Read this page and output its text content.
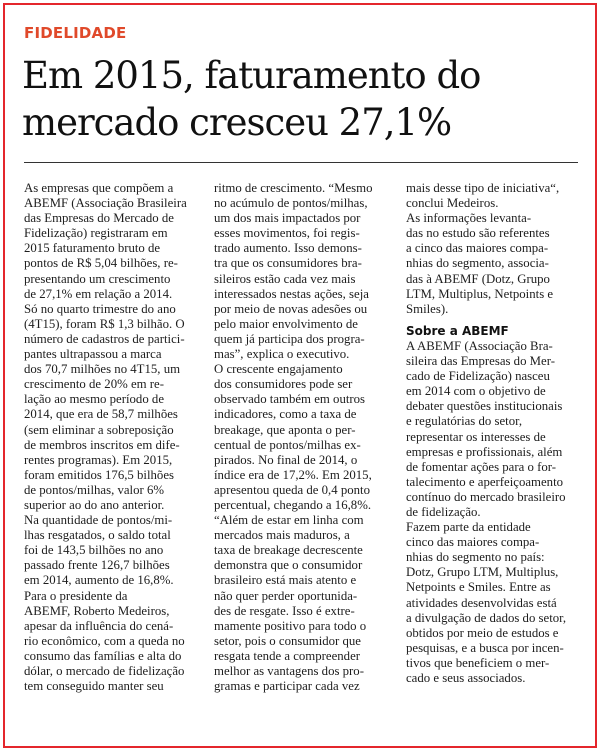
FIDELIDADE
Em 2015, faturamento do
mercado cresceu 27,1%
As empresas que compõem a
ABEMF (Associação Brasileira
das Empresas do Mercado de
Fidelização) registraram em
2015 faturamento bruto de
pontos de R$ 5,04 bilhões, re-
presentando um crescimento
de 27,1% em relação a 2014.
Só no quarto trimestre do ano
(4T15), foram R$ 1,3 bilhão. O
número de cadastros de partici-
pantes ultrapassou a marca
dos 70,7 milhões no 4T15, um
crescimento de 20% em re-
lação ao mesmo período de
2014, que era de 58,7 milhões
(sem eliminar a sobreposição
de membros inscritos em dife-
rentes programas). Em 2015,
foram emitidos 176,5 bilhões
de pontos/milhas, valor 6%
superior ao do ano anterior.
Na quantidade de pontos/mi-
lhas resgatados, o saldo total
foi de 143,5 bilhões no ano
passado frente 126,7 bilhões
em 2014, aumento de 16,8%.
Para o presidente da
ABEMF, Roberto Medeiros,
apesar da influência do cená-
rio econômico, com a queda no
consumo das famílias e alta do
dólar, o mercado de fidelização
tem conseguido manter seu
ritmo de crescimento. “Mesmo
no acúmulo de pontos/milhas,
um dos mais impactados por
esses movimentos, foi regis-
trado aumento. Isso demons-
tra que os consumidores bra-
sileiros estão cada vez mais
interessados nestas ações, seja
por meio de novas adesões ou
pelo maior envolvimento de
quem já participa dos progra-
mas”, explica o executivo.
O crescente engajamento
dos consumidores pode ser
observado também em outros
indicadores, como a taxa de
breakage, que aponta o per-
centual de pontos/milhas ex-
pirados. No final de 2014, o
índice era de 17,2%. Em 2015,
apresentou queda de 0,4 ponto
percentual, chegando a 16,8%.
“Além de estar em linha com
mercados mais maduros, a
taxa de breakage decrescente
demonstra que o consumidor
brasileiro está mais atento e
não quer perder oportunida-
des de resgate. Isso é extre-
mamente positivo para todo o
setor, pois o consumidor que
resgata tende a compreender
melhor as vantagens dos pro-
gramas e participar cada vez
mais desse tipo de iniciativa“,
conclui Medeiros.
As informações levanta-
das no estudo são referentes
a cinco das maiores compa-
nhias do segmento, associa-
das à ABEMF (Dotz, Grupo
LTM, Multiplus, Netpoints e
Smiles).
Sobre a ABEMF
A ABEMF (Associação Bra-
sileira das Empresas do Mer-
cado de Fidelização) nasceu
em 2014 com o objetivo de
debater questões institucionais
e regulatórias do setor,
representar os interesses de
empresas e profissionais, além
de fomentar ações para o for-
talecimento e aperfeiçoamento
contínuo do mercado brasileiro
de fidelização.
Fazem parte da entidade
cinco das maiores compa-
nhias do segmento no país:
Dotz, Grupo LTM, Multiplus,
Netpoints e Smiles. Entre as
atividades desenvolvidas está
a divulgação de dados do setor,
obtidos por meio de estudos e
pesquisas, e a busca por incen-
tivos que beneficiem o mer-
cado e seus associados.
